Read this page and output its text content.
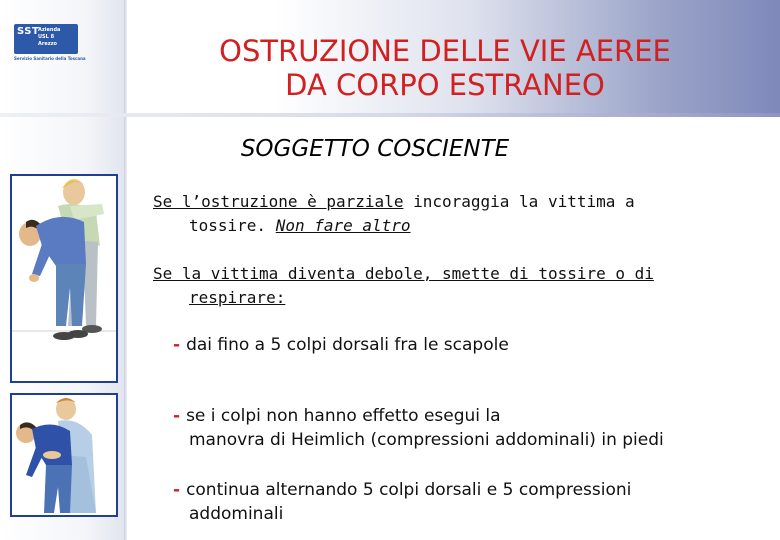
SST
Azienda
USL 8
Arezzo
Servizio Sanitario della Toscana	OSTRUZIONE DELLE VIE AEREE
DA CORPO ESTRANEO
SOGGETTO COSCIENTE
Se l’ostruzione è parziale incoraggia la vittima a
tossire. Non fare altro
Se la vittima diventa debole, smette di tossire o di
respirare:
- dai fino a 5 colpi dorsali fra le scapole
- se i colpi non hanno effetto esegui la
manovra di Heimlich (compressioni addominali) in piedi
- continua alternando 5 colpi dorsali e 5 compressioni
addominali
